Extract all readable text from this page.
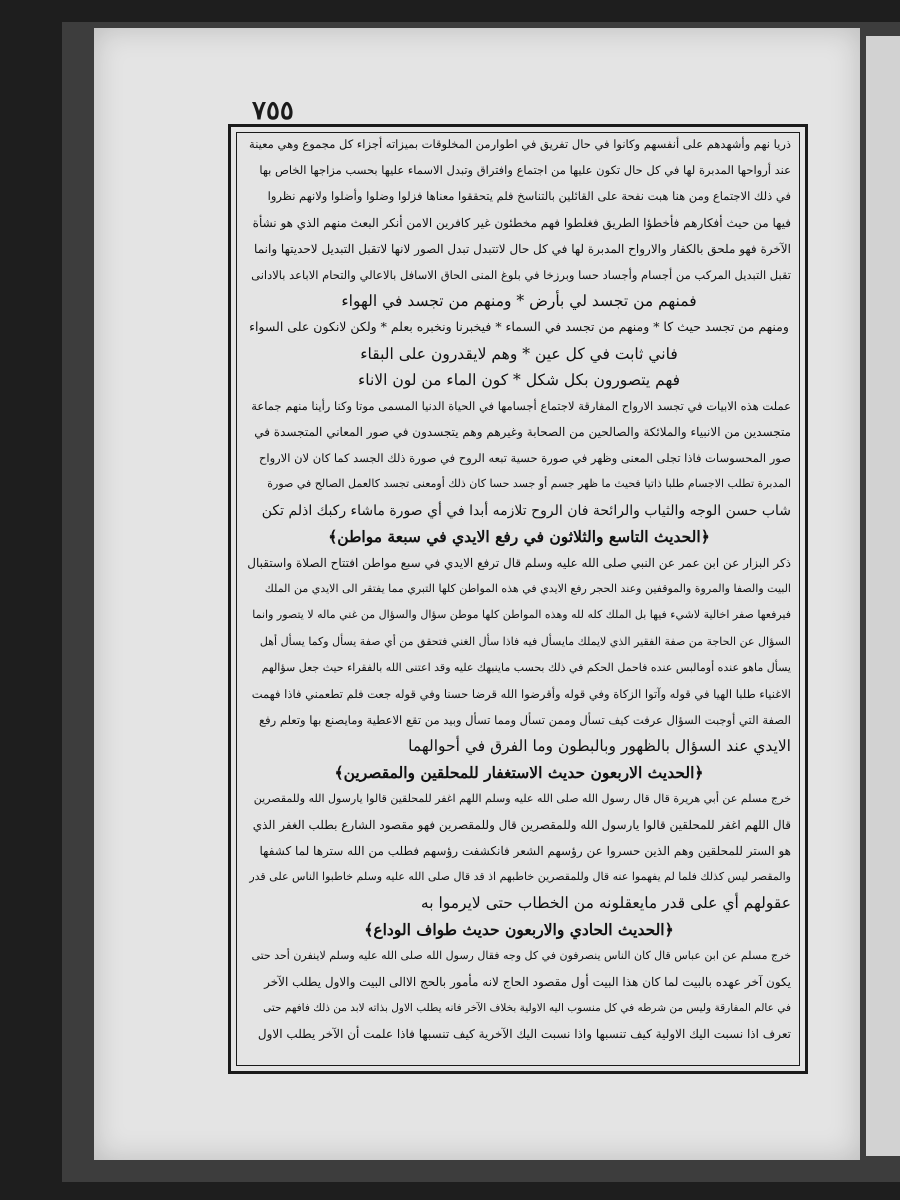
٧٥٥
ذريا نهم وأشهدهم على أنفسهم وكانوا في حال تفريق في اطوارمن المخلوقات بميزاته أجزاء كل مجموع وهي معينة
عند أرواحها المدبرة لها في كل حال تكون عليها من اجتماع وافتراق وتبدل الاسماء عليها بحسب مزاجها الخاص بها
في ذلك الاجتماع ومن هنا هبت نفحة على القائلين بالتناسخ فلم يتحققوا معناها فزلوا وضلوا وأضلوا ولانهم نظروا
فيها من حيث أفكارهم فأخطؤا الطريق فغلطوا فهم مخطئون غير كافرين الامن أنكر البعث منهم الذي هو نشأة
الآخرة فهو ملحق بالكفار والارواح المدبرة لها في كل حال لاتتبدل تبدل الصور لانها لاتقبل التبديل لاحديتها وانما
تقبل التبديل المركب من أجسام وأجساد حسا وبرزخا في بلوغ المنى الحاق الاسافل بالاعالي والتحام الاباعد بالادانى
فمنهم من تجسد لي بأرض * ومنهم من تجسد في الهواء
ومنهم من تجسد حيث كا * ومنهم من تجسد في السماء * فيخبرنا ونخبره بعلم * ولكن لانكون على السواء
فاني ثابت في كل عين * وهم لايقدرون على البقاء
فهم يتصورون بكل شكل * كون الماء من لون الاناء
عملت هذه الابيات في تجسد الارواح المفارقة لاجتماع أجسامها في الحياة الدنيا المسمى موتا وكنا رأينا منهم جماعة
متجسدين من الانبياء والملائكة والصالحين من الصحابة وغيرهم وهم يتجسدون في صور المعاني المتجسدة في
صور المحسوسات فاذا تجلى المعنى وظهر في صورة حسية تبعه الروح في صورة ذلك الجسد كما كان لان الارواح
المدبرة تطلب الاجسام طلبا ذاتيا فحيث ما ظهر جسم أو جسد حسا كان ذلك أومعنى تجسد كالعمل الصالح في صورة
شاب حسن الوجه والثياب والرائحة فان الروح تلازمه أبدا في أي صورة ماشاء ركبك اذلم تكن
﴿الحديث التاسع والثلاثون في رفع الايدي في سبعة مواطن﴾
ذكر البزار عن ابن عمر عن النبي صلى الله عليه وسلم قال ترفع الايدي في سبع مواطن افتتاح الصلاة واستقبال
البيت والصفا والمروة والموقفين وعند الحجر رفع الايدي في هذه المواطن كلها التبري مما يفتقر الى الايدي من الملك
فيرفعها صفر اخالية لاشيء فيها بل الملك كله لله وهذه المواطن كلها موطن سؤال والسؤال من غني ماله لا يتصور وانما
السؤال عن الحاجة من صفة الفقير الذي لايملك مايسأل فيه فاذا سأل الغني فتحقق من أي صفة يسأل وكما يسأل أهل
يسأل ماهو عنده أومالبس عنده فاحمل الحكم في ذلك بحسب ماينبهك عليه وقد اعتنى الله بالفقراء حيث جعل سؤالهم
الاغنياء طلبا الهيا في قوله وآتوا الزكاة وفي قوله وأقرضوا الله قرضا حسنا وفي قوله جعت فلم تطعمني فاذا فهمت
الصفة التي أوجبت السؤال عرفت كيف تسأل وممن تسأل ومما تسأل وبيد من تقع الاعطية ومايصنع بها وتعلم رفع
الايدي عند السؤال بالظهور وبالبطون وما الفرق في أحوالهما
﴿الحديث الاربعون حديث الاستغفار للمحلقين والمقصرين﴾
خرج مسلم عن أبي هريرة قال قال رسول الله صلى الله عليه وسلم اللهم اغفر للمحلقين قالوا يارسول الله وللمقصرين
قال اللهم اغفر للمحلقين قالوا يارسول الله وللمقصرين قال وللمقصرين فهو مقصود الشارع بطلب الغفر الذي
هو الستر للمحلقين وهم الذين حسروا عن رؤسهم الشعر فانكشفت رؤسهم فطلب من الله سترها لما كشفها
والمقصر ليس كذلك فلما لم يفهموا عنه قال وللمقصرين خاطبهم اذ قد قال صلى الله عليه وسلم خاطبوا الناس على قدر
عقولهم أي على قدر مايعقلونه من الخطاب حتى لايرموا به
﴿الحديث الحادي والاربعون حديث طواف الوداع﴾
خرج مسلم عن ابن عباس قال كان الناس ينصرفون في كل وجه فقال رسول الله صلى الله عليه وسلم لاينفرن أحد حتى
يكون آخر عهده بالبيت لما كان هذا البيت أول مقصود الحاج لانه مأمور بالحج الاالى البيت والاول يطلب الآخر
في عالم المفارقة وليس من شرطه في كل منسوب اليه الاولية بخلاف الآخر فانه يطلب الاول بذاته لابد من ذلك فافهم حتى
تعرف اذا نسبت اليك الاولية كيف تنسبها واذا نسبت اليك الآخرية كيف تنسبها فاذا علمت أن الآخر يطلب الاول
